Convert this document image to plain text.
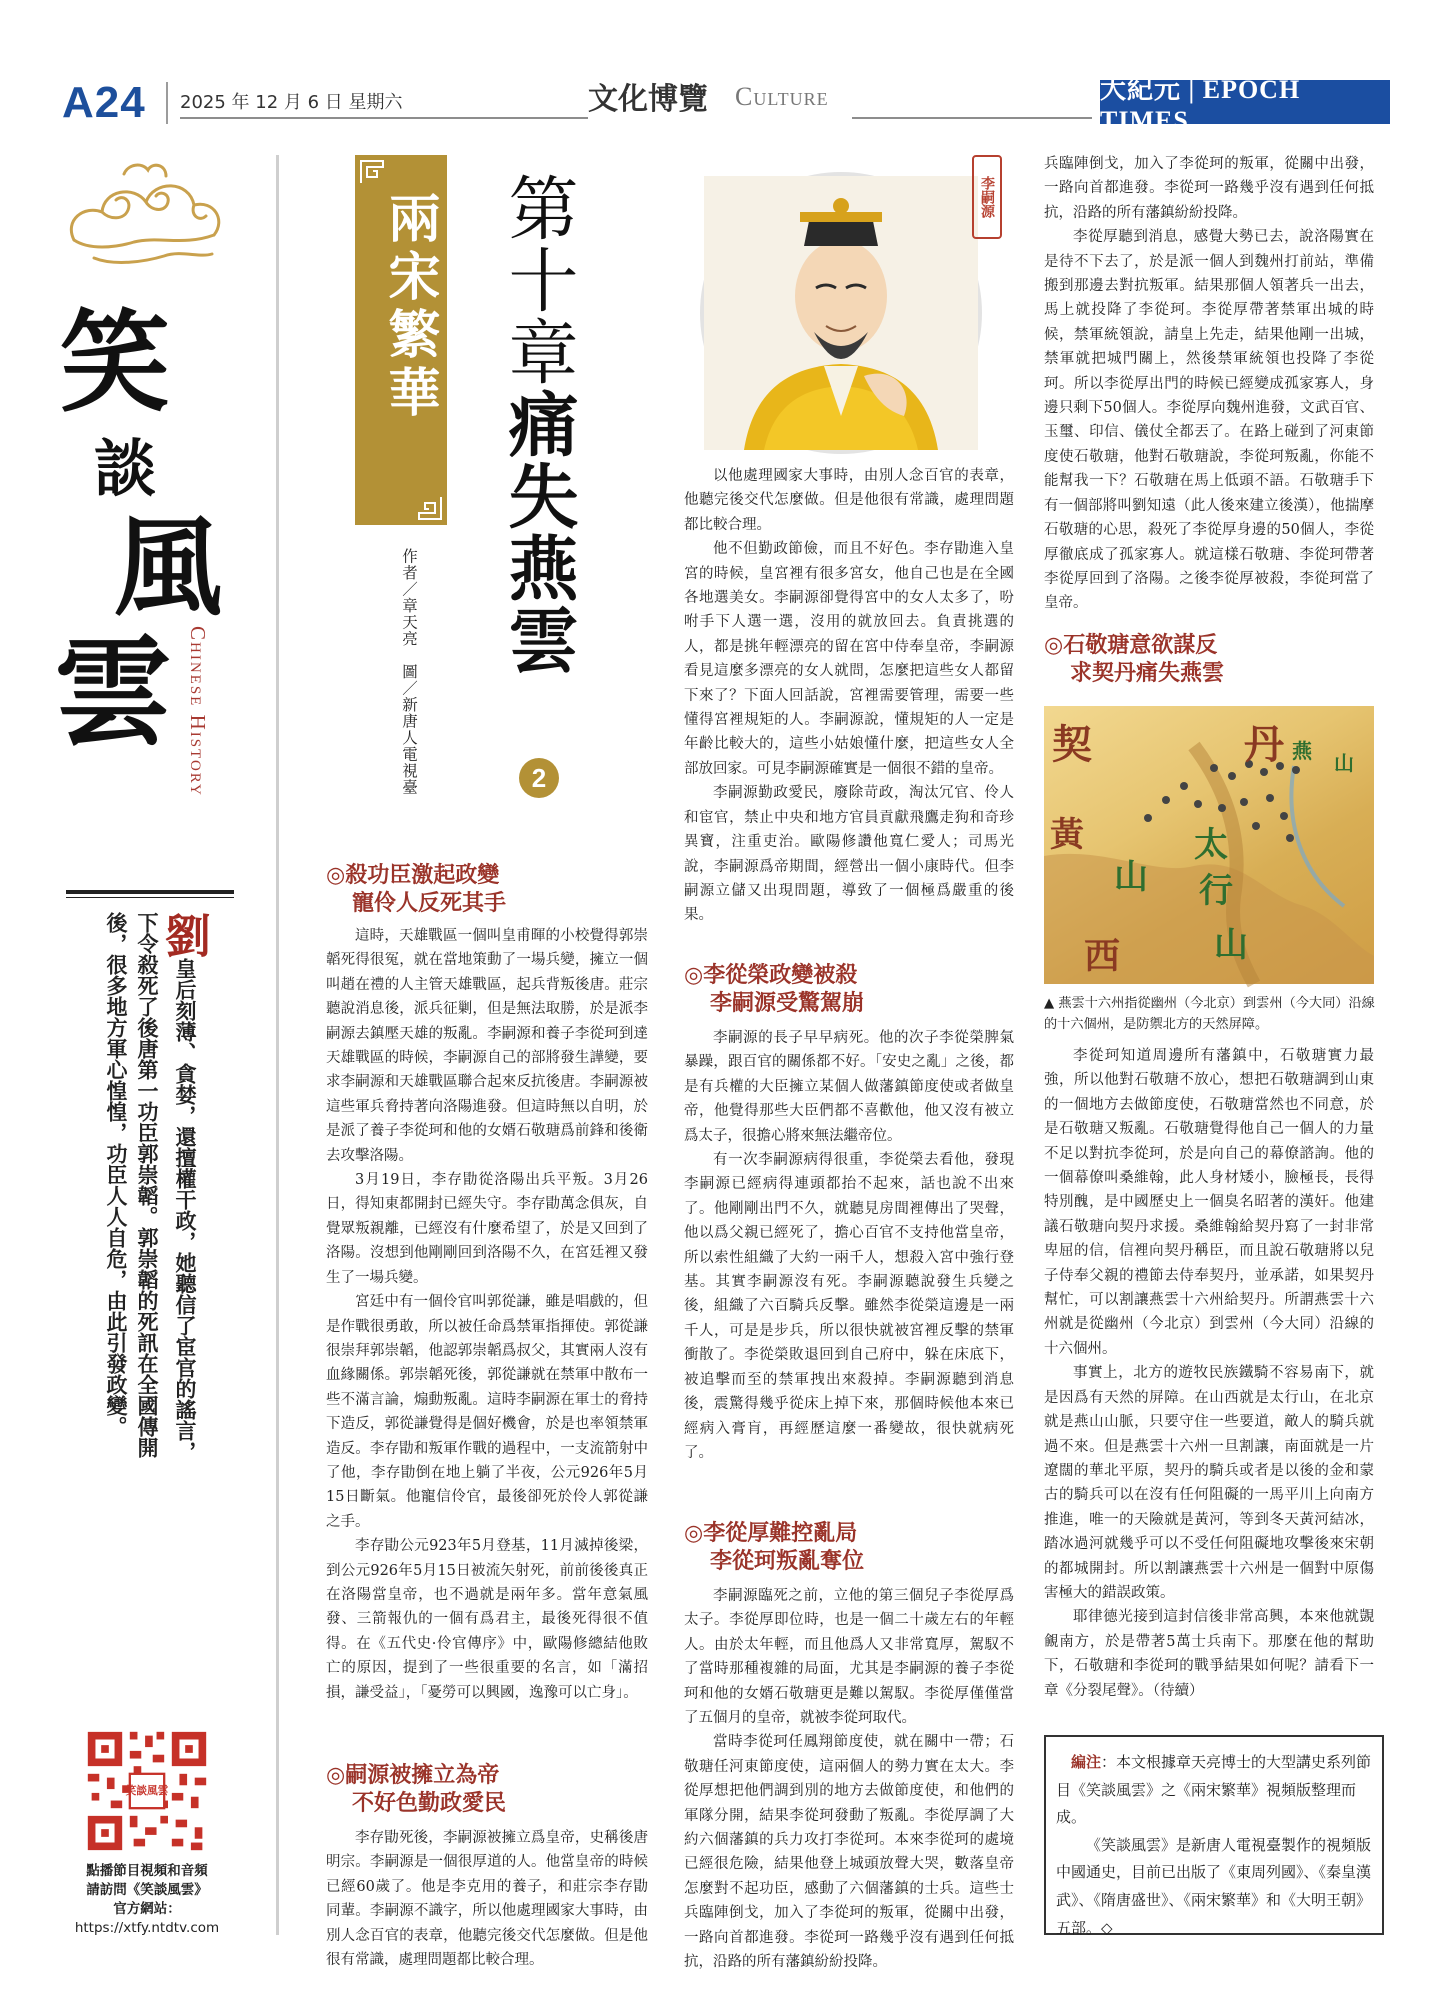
A24 2025 年 12 月 6 日 星期六	文化博覽 Culture	大紀元 | EPOCH TIMES
笑
談
風
雲 Chinese History
劉皇后刻薄、貪婪，還擅權干政，她聽信了宦官的謠言，下令殺死了後唐第一功臣郭崇韜。郭崇韜的死訊在全國傳開後，很多地方軍心惶惶，功臣人人自危，由此引發政變。
笑談風雲
點播節目視頻和音頻
請訪問《笑談風雲》
官方網站：
https://xtfy.ntdtv.com
兩宋繁華 第十章痛失燕雲
2
作者／章天亮　圖／新唐人電視臺
李嗣源
◎殺功臣激起政變
寵伶人反死其手

這時，天雄戰區一個叫皇甫暉的小校覺得郭崇韜死得很冤，就在當地策動了一場兵變，擁立一個叫趙在禮的人主管天雄戰區，起兵背叛後唐。莊宗聽說消息後，派兵征剿，但是無法取勝，於是派李嗣源去鎮壓天雄的叛亂。李嗣源和養子李從珂到達天雄戰區的時候，李嗣源自己的部將發生譁變，要求李嗣源和天雄戰區聯合起來反抗後唐。李嗣源被這些軍兵脅持著向洛陽進發。但這時無以自明，於是派了養子李從珂和他的女婿石敬瑭爲前鋒和後衛去攻擊洛陽。

3月19日，李存勖從洛陽出兵平叛。3月26日，得知東都開封已經失守。李存勖萬念俱灰，自覺眾叛親離，已經沒有什麼希望了，於是又回到了洛陽。沒想到他剛剛回到洛陽不久，在宮廷裡又發生了一場兵變。

宮廷中有一個伶官叫郭從謙，雖是唱戲的，但是作戰很勇敢，所以被任命爲禁軍指揮使。郭從謙很崇拜郭崇韜，他認郭崇韜爲叔父，其實兩人沒有血緣關係。郭崇韜死後，郭從謙就在禁軍中散布一些不滿言論，煽動叛亂。這時李嗣源在軍士的脅持下造反，郭從謙覺得是個好機會，於是也率領禁軍造反。李存勖和叛軍作戰的過程中，一支流箭射中了他，李存勖倒在地上躺了半夜，公元926年5月15日斷氣。他寵信伶官，最後卻死於伶人郭從謙之手。

李存勖公元923年5月登基，11月滅掉後梁，到公元926年5月15日被流矢射死，前前後後真正在洛陽當皇帝，也不過就是兩年多。當年意氣風發、三箭報仇的一個有爲君主，最後死得很不值得。在《五代史·伶官傳序》中，歐陽修總結他敗亡的原因，提到了一些很重要的名言，如「滿招損，謙受益」，「憂勞可以興國，逸豫可以亡身」。

◎嗣源被擁立為帝
不好色勤政愛民

李存勖死後，李嗣源被擁立爲皇帝，史稱後唐明宗。李嗣源是一個很厚道的人。他當皇帝的時候已經60歲了。他是李克用的養子，和莊宗李存勖同輩。李嗣源不識字，所以他處理國家大事時，由別人念百官的表章，他聽完後交代怎麼做。但是他很有常識，處理問題都比較合理。

以他處理國家大事時，由別人念百官的表章，他聽完後交代怎麼做。但是他很有常識，處理問題都比較合理。

他不但勤政節儉，而且不好色。李存勖進入皇宮的時候，皇宮裡有很多宮女，他自己也是在全國各地選美女。李嗣源卻覺得宮中的女人太多了，吩咐手下人選一選，沒用的就放回去。負責挑選的人，都是挑年輕漂亮的留在宮中侍奉皇帝，李嗣源看見這麼多漂亮的女人就問，怎麼把這些女人都留下來了？下面人回話說，宮裡需要管理，需要一些懂得宮裡規矩的人。李嗣源說，懂規矩的人一定是年齡比較大的，這些小姑娘懂什麼，把這些女人全部放回家。可見李嗣源確實是一個很不錯的皇帝。

李嗣源勤政愛民，廢除苛政，淘汰冗官、伶人和宦官，禁止中央和地方官員貢獻飛鷹走狗和奇珍異寶，注重吏治。歐陽修讚他寬仁愛人；司馬光說，李嗣源爲帝期間，經營出一個小康時代。但李嗣源立儲又出現問題，導致了一個極爲嚴重的後果。

◎李從榮政變被殺
李嗣源受驚駕崩

李嗣源的長子早早病死。他的次子李從榮脾氣暴躁，跟百官的關係都不好。「安史之亂」之後，都是有兵權的大臣擁立某個人做藩鎮節度使或者做皇帝，他覺得那些大臣們都不喜歡他，他又沒有被立爲太子，很擔心將來無法繼帝位。

有一次李嗣源病得很重，李從榮去看他，發現李嗣源已經病得連頭都抬不起來，話也說不出來了。他剛剛出門不久，就聽見房間裡傳出了哭聲，他以爲父親已經死了，擔心百官不支持他當皇帝，所以索性組織了大約一兩千人，想殺入宮中強行登基。其實李嗣源沒有死。李嗣源聽說發生兵變之後，組織了六百騎兵反擊。雖然李從榮這邊是一兩千人，可是是步兵，所以很快就被宮裡反擊的禁軍衝散了。李從榮敗退回到自己府中，躲在床底下，被追擊而至的禁軍拽出來殺掉。李嗣源聽到消息後，震驚得幾乎從床上掉下來，那個時候他本來已經病入膏肓，再經歷這麼一番變故，很快就病死了。

◎李從厚難控亂局
李從珂叛亂奪位

李嗣源臨死之前，立他的第三個兒子李從厚爲太子。李從厚即位時，也是一個二十歲左右的年輕人。由於太年輕，而且他爲人又非常寬厚，駕馭不了當時那種複雜的局面，尤其是李嗣源的養子李從珂和他的女婿石敬瑭更是難以駕馭。李從厚僅僅當了五個月的皇帝，就被李從珂取代。

當時李從珂任鳳翔節度使，就在關中一帶；石敬瑭任河東節度使，這兩個人的勢力實在太大。李從厚想把他們調到別的地方去做節度使，和他們的軍隊分開，結果李從珂發動了叛亂。李從厚調了大約六個藩鎮的兵力攻打李從珂。本來李從珂的處境已經很危險，結果他登上城頭放聲大哭，數落皇帝怎麼對不起功臣，感動了六個藩鎮的士兵。這些士兵臨陣倒戈，加入了李從珂的叛軍，從關中出發，一路向首都進發。李從珂一路幾乎沒有遇到任何抵抗，沿路的所有藩鎮紛紛投降。

兵臨陣倒戈，加入了李從珂的叛軍，從關中出發，一路向首都進發。李從珂一路幾乎沒有遇到任何抵抗，沿路的所有藩鎮紛紛投降。

李從厚聽到消息，感覺大勢已去，說洛陽實在是待不下去了，於是派一個人到魏州打前站，準備搬到那邊去對抗叛軍。結果那個人領著兵一出去，馬上就投降了李從珂。李從厚帶著禁軍出城的時候，禁軍統領說，請皇上先走，結果他剛一出城，禁軍就把城門關上，然後禁軍統領也投降了李從珂。所以李從厚出門的時候已經變成孤家寡人，身邊只剩下50個人。李從厚向魏州進發，文武百官、玉璽、印信、儀仗全都丟了。在路上碰到了河東節度使石敬瑭，他對石敬瑭說，李從珂叛亂，你能不能幫我一下？石敬瑭在馬上低頭不語。石敬瑭手下有一個部將叫劉知遠（此人後來建立後漢），他揣摩石敬瑭的心思，殺死了李從厚身邊的50個人，李從厚徹底成了孤家寡人。就這樣石敬瑭、李從珂帶著李從厚回到了洛陽。之後李從厚被殺，李從珂當了皇帝。

◎石敬瑭意欲謀反
求契丹痛失燕雲
契	丹 燕 山
黃
山
太
行
山
西
▲ 燕雲十六州指從幽州（今北京）到雲州（今大同）沿線的十六個州，是防禦北方的天然屏障。

李從珂知道周邊所有藩鎮中，石敬瑭實力最強，所以他對石敬瑭不放心，想把石敬瑭調到山東的一個地方去做節度使，石敬瑭當然也不同意，於是石敬瑭又叛亂。石敬瑭覺得他自己一個人的力量不足以對抗李從珂，於是向自己的幕僚諮詢。他的一個幕僚叫桑維翰，此人身材矮小，臉極長，長得特別醜，是中國歷史上一個臭名昭著的漢奸。他建議石敬瑭向契丹求援。桑維翰給契丹寫了一封非常卑屈的信，信裡向契丹稱臣，而且說石敬瑭將以兒子侍奉父親的禮節去侍奉契丹，並承諾，如果契丹幫忙，可以割讓燕雲十六州給契丹。所謂燕雲十六州就是從幽州（今北京）到雲州（今大同）沿線的十六個州。

事實上，北方的遊牧民族鐵騎不容易南下，就是因爲有天然的屏障。在山西就是太行山，在北京就是燕山山脈，只要守住一些要道，敵人的騎兵就過不來。但是燕雲十六州一旦割讓，南面就是一片遼闊的華北平原，契丹的騎兵或者是以後的金和蒙古的騎兵可以在沒有任何阻礙的一馬平川上向南方推進，唯一的天險就是黃河，等到冬天黃河結冰，踏冰過河就幾乎可以不受任何阻礙地攻擊後來宋朝的都城開封。所以割讓燕雲十六州是一個對中原傷害極大的錯誤政策。

耶律德光接到這封信後非常高興，本來他就覬覦南方，於是帶著5萬士兵南下。那麼在他的幫助下，石敬瑭和李從珂的戰爭結果如何呢？請看下一章《分裂尾聲》。（待續）

編注：本文根據章天亮博士的大型講史系列節目《笑談風雲》之《兩宋繁華》視頻版整理而成。

《笑談風雲》是新唐人電視臺製作的視頻版中國通史，目前已出版了《東周列國》、《秦皇漢武》、《隋唐盛世》、《兩宋繁華》和《大明王朝》五部。◇
